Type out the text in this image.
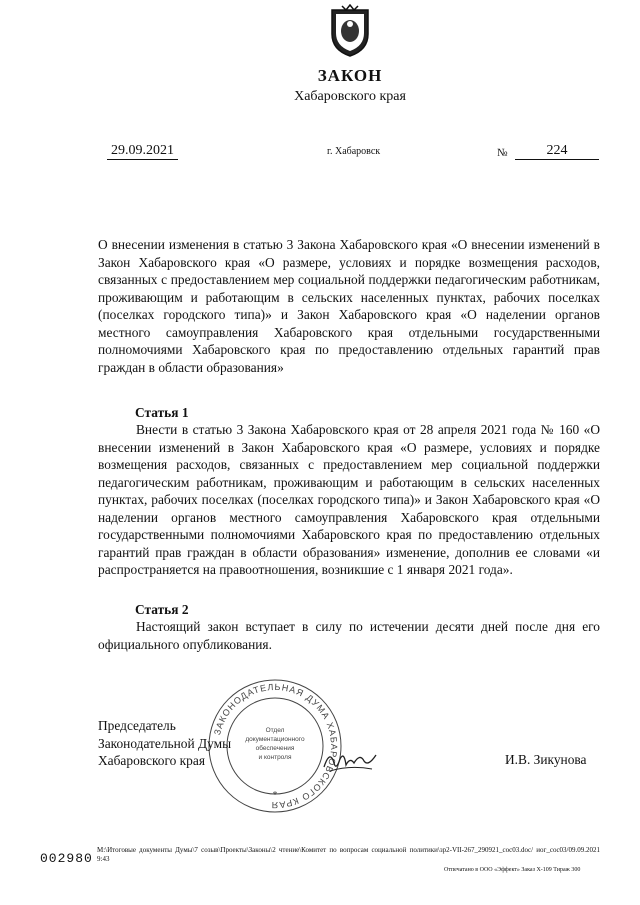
ЗАКОН
Хабаровского края
29.09.2021	г. Хабаровск	№	224

О внесении изменения в статью 3 Закона Хабаровского края «О внесении изменений в Закон Хабаровского края «О размере, условиях и порядке возмещения расходов, связанных с предоставлением мер социальной поддержки педагогическим работникам, проживающим и работающим в сельских населенных пунктах, рабочих поселках (поселках городского типа)» и Закон Хабаровского края «О наделении органов местного самоуправления Хабаровского края отдельными государственными полномочиями Хабаровского края по предоставлению отдельных гарантий прав граждан в области образования»

Статья 1

Внести в статью 3 Закона Хабаровского края от 28 апреля 2021 года № 160 «О внесении изменений в Закон Хабаровского края «О размере, условиях и порядке возмещения расходов, связанных с предоставлением мер социальной поддержки педагогическим работникам, проживающим и работающим в сельских населенных пунктах, рабочих поселках (поселках городского типа)» и Закон Хабаровского края «О наделении органов местного самоуправления Хабаровского края отдельными государственными полномочиями Хабаровского края по предоставлению отдельных гарантий прав граждан в области образования» изменение, дополнив ее словами «и распространяется на правоотношения, возникшие с 1 января 2021 года».

Статья 2

Настоящий закон вступает в силу по истечении десяти дней после дня его официального опубликования.

ЗАКОНОДАТЕЛЬНАЯ ДУМА ХАБАРОВСКОГО КРАЯ
Отдел
документационного
обеспечения
и контроля
*
Председатель
Законодательной Думы
Хабаровского края	И.В. Зикунова
002980
М:\Итоговые документы Думы\7 созыв\Проекты\Законы\2 чтение\Комитет по вопросам социальной политики\зр2-VII-267_290921_coc03.doc/ иог_соc03/09.09.2021 9:43
Отпечатано в ООО «Эффект» Заказ Х-109 Тираж 300
